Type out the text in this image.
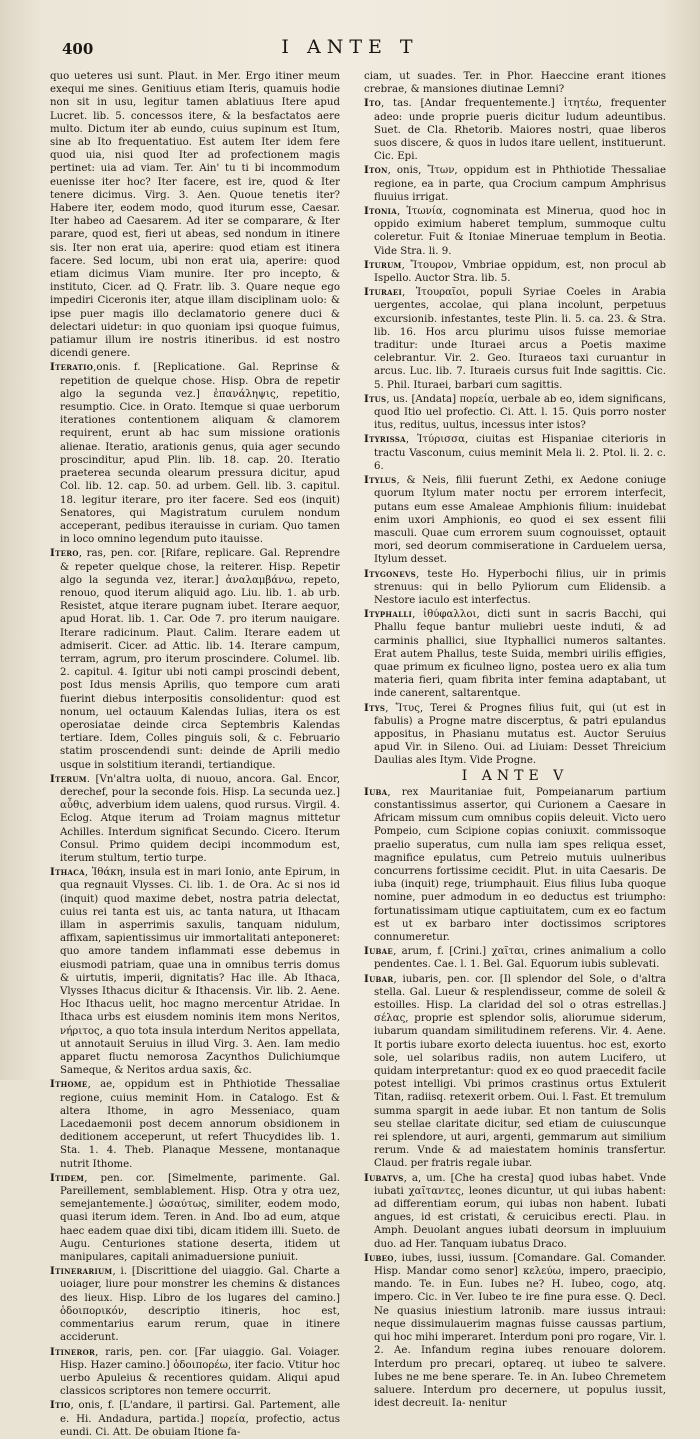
400	I ANTE T

quo ueteres usi sunt. Plaut. in Mer. Ergo itiner meum exequi me sines. Genitiuus etiam Iteris, quamuis hodie non sit in usu, legitur tamen ablatiuus Itere apud Lucret. lib. 5. concessos itere, & la besfactatos aere multo. Dictum iter ab eundo, cuius supinum est Itum, sine ab Ito frequentatiuo. Est autem Iter idem fere quod uia, nisi quod Iter ad profectionem magis pertinet: uia ad viam. Ter. Ain' tu ti bi incommodum euenisse iter hoc? Iter facere, est ire, quod & Iter tenere dicimus. Virg. 3. Aen. Quoue tenetis iter? Habere iter, eodem modo, quod iturum esse, Caesar. Iter habeo ad Caesarem. Ad iter se comparare, & Iter parare, quod est, fieri ut abeas, sed nondum in itinere sis. Iter non erat uia, aperire: quod etiam est itinera facere. Sed locum, ubi non erat uia, aperire: quod etiam dicimus Viam munire. Iter pro incepto, & instituto, Cicer. ad Q. Fratr. lib. 3. Quare neque ego impediri Ciceronis iter, atque illam disciplinam uolo: & ipse puer magis illo declamatorio genere duci & delectari uidetur: in quo quoniam ipsi quoque fuimus, patiamur illum ire nostris itineribus. id est nostro dicendi genere.

Iteratio,onis. f. [Replicatione. Gal. Reprinse & repetition de quelque chose. Hisp. Obra de repetir algo la segunda vez.] ἐπανάληψις, repetitio, resumptio. Cice. in Orato. Itemque si quae uerborum iterationes contentionem aliquam & clamorem requirent, erunt ab hac sum missione orationis alienae. Iteratio, arationis genus, quia ager secundo proscinditur, apud Plin. lib. 18. cap. 20. Iteratio praeterea secunda olearum pressura dicitur, apud Col. lib. 12. cap. 50. ad urbem. Gell. lib. 3. capitul. 18. legitur iterare, pro iter facere. Sed eos (inquit) Senatores, qui Magistratum curulem nondum acceperant, pedibus iterauisse in curiam. Quo tamen in loco omnino legendum puto itauisse.

Itero, ras, pen. cor. [Rifare, replicare. Gal. Reprendre & repeter quelque chose, la reiterer. Hisp. Repetir algo la segunda vez, iterar.] ἀναλαμβάνω, repeto, renouo, quod iterum aliquid ago. Liu. lib. 1. ab urb. Resistet, atque iterare pugnam iubet. Iterare aequor, apud Horat. lib. 1. Car. Ode 7. pro iterum nauigare. Iterare radicinum. Plaut. Calim. Iterare eadem ut admiserit. Cicer. ad Attic. lib. 14. Iterare campum, terram, agrum, pro iterum proscindere. Columel. lib. 2. capitul. 4. Igitur ubi noti campi proscindi debent, post Idus mensis Aprilis, quo tempore cum arati fuerint diebus interpositis consolidentur: quod est nonum, uel octauum Kalendas Iulias, itera os est operosiatae deinde circa Septembris Kalendas tertiare. Idem, Colles pinguis soli, & c. Februario statim proscendendi sunt: deinde de Aprili medio usque in solstitium iterandi, tertiandique.

Iterum. [Vn'altra uolta, di nuouo, ancora. Gal. Encor, derechef, pour la seconde fois. Hisp. La secunda uez.] αὖθις, adverbium idem ualens, quod rursus. Virgil. 4. Eclog. Atque iterum ad Troiam magnus mittetur Achilles. Interdum significat Secundo. Cicero. Iterum Consul. Primo quidem decipi incommodum est, iterum stultum, tertio turpe.

Ithaca, Ἰθάκη, insula est in mari Ionio, ante Epirum, in qua regnauit Vlysses. Ci. lib. 1. de Ora. Ac si nos id (inquit) quod maxime debet, nostra patria delectat, cuius rei tanta est uis, ac tanta natura, ut Ithacam illam in asperrimis saxulis, tanquam nidulum, affixam, sapientissimus uir immortalitati anteponeret: quo amore tandem inflammati esse debemus in eiusmodi patriam, quae una in omnibus terris domus & uirtutis, imperii, dignitatis? Hac ille. Ab Ithaca, Vlysses Ithacus dicitur & Ithacensis. Vir. lib. 2. Aene. Hoc Ithacus uelit, hoc magno mercentur Atridae. In Ithaca urbs est eiusdem nominis item mons Neritos, νήριτος, a quo tota insula interdum Neritos appellata, ut annotauit Seruius in illud Virg. 3. Aen. Iam medio apparet fluctu nemorosa Zacynthos Dulichiumque Sameque, & Neritos ardua saxis, &c.

Ithome, ae, oppidum est in Phthiotide Thessaliae regione, cuius meminit Hom. in Catalogo. Est & altera Ithome, in agro Messeniaco, quam Lacedaemonii post decem annorum obsidionem in deditionem acceperunt, ut refert Thucydides lib. 1. Sta. 1. 4. Theb. Planaque Messene, montanaque nutrit Ithome.

Itidem, pen. cor. [Simelmente, parimente. Gal. Pareillement, semblablement. Hisp. Otra y otra uez, semejantemente.] ὡσαύτως, similiter, eodem modo, quasi iterum idem. Teren. in And. Ibo ad eum, atque haec eadem quae dixi tibi, dicam itidem illi. Sueto. de Augu. Centuriones statione deserta, itidem ut manipulares, capitali animaduersione puniuit.

Itinerarium, i. [Discrittione del uiaggio. Gal. Charte a uoiager, liure pour monstrer les chemins & distances des lieux. Hisp. Libro de los lugares del camino.] ὁδοιπορικόν, descriptio itineris, hoc est, commentarius earum rerum, quae in itinere acciderunt.

Itineror, raris, pen. cor. [Far uiaggio. Gal. Voiager. Hisp. Hazer camino.] ὁδοιπορέω, iter facio. Vtitur hoc uerbo Apuleius & recentiores quidam. Aliqui apud classicos scriptores non temere occurrit.

Itio, onis, f. [L'andare, il partirsi. Gal. Partement, alle e. Hi. Andadura, partida.] πορεία, profectio, actus eundi. Ci. Att. De obuiam Itione fa-

ciam, ut suades. Ter. in Phor. Haeccine erant itiones crebrae, & mansiones diutinae Lemni?

Ito, tas. [Andar frequentemente.] ἰτητέω, frequenter adeo: unde proprie pueris dicitur ludum adeuntibus. Suet. de Cla. Rhetorib. Maiores nostri, quae liberos suos discere, & quos in ludos itare uellent, instituerunt. Cic. Epi.

Iton, onis, Ἴτων, oppidum est in Phthiotide Thessaliae regione, ea in parte, qua Crocium campum Amphrisus fluuius irrigat.

Itonia, Ἰτωνία, cognominata est Minerua, quod hoc in oppido eximium haberet templum, summoque cultu coleretur. Fuit & Itoniae Mineruae templum in Beotia. Vide Stra. li. 9.

Iturum, Ἴτουρον, Vmbriae oppidum, est, non procul ab Ispello. Auctor Stra. lib. 5.

Ituraei, Ἰτουραῖοι, populi Syriae Coeles in Arabia uergentes, accolae, qui plana incolunt, perpetuus excursionib. infestantes, teste Plin. li. 5. ca. 23. & Stra. lib. 16. Hos arcu plurimu uisos fuisse memoriae traditur: unde Ituraei arcus a Poetis maxime celebrantur. Vir. 2. Geo. Ituraeos taxi curuantur in arcus. Luc. lib. 7. Ituraeis cursus fuit Inde sagittis. Cic. 5. Phil. Ituraei, barbari cum sagittis.

Itus, us. [Andata] πορεία, uerbale ab eo, idem significans, quod Itio uel profectio. Ci. Att. l. 15. Quis porro noster itus, reditus, uultus, incessus inter istos?

Ityrissa, Ἰτύρισσα, ciuitas est Hispaniae citerioris in tractu Vasconum, cuius meminit Mela li. 2. Ptol. li. 2. c. 6.

Itylus, & Neis, filii fuerunt Zethi, ex Aedone coniuge quorum Itylum mater noctu per errorem interfecit, putans eum esse Amaleae Amphionis filium: inuidebat enim uxori Amphionis, eo quod ei sex essent filii masculi. Quae cum errorem suum cognouisset, optauit mori, sed deorum commiseratione in Carduelem uersa, Itylum desset.

Itygonevs, teste Ho. Hyperbochi filius, uir in primis strenuus: qui in bello Pyliorum cum Elidensib. a Nestore iaculo est interfectus.

Ityphalli, ἰθύφαλλοι, dicti sunt in sacris Bacchi, qui Phallu feque bantur muliebri ueste induti, & ad carminis phallici, siue Ityphallici numeros saltantes. Erat autem Phallus, teste Suida, membri uirilis effigies, quae primum ex ficulneo ligno, postea uero ex alia tum materia fieri, quam fibrita inter femina adaptabant, ut inde canerent, saltarentque.

Itys, Ἴτυς, Terei & Prognes filius fuit, qui (ut est in fabulis) a Progne matre discerptus, & patri epulandus appositus, in Phasianu mutatus est. Auctor Seruius apud Vir. in Sileno. Oui. ad Liuiam: Desset Threicium Daulias ales Itym. Vide Progne.

I ANTE V

Iuba, rex Mauritaniae fuit, Pompeianarum partium constantissimus assertor, qui Curionem a Caesare in Africam missum cum omnibus copiis deleuit. Victo uero Pompeio, cum Scipione copias coniuxit. commissoque praelio superatus, cum nulla iam spes reliqua esset, magnifice epulatus, cum Petreio mutuis uulneribus concurrens fortissime cecidit. Plut. in uita Caesaris. De iuba (inquit) rege, triumphauit. Eius filius Iuba quoque nomine, puer admodum in eo deductus est triumpho: fortunatissimam utique captiuitatem, cum ex eo factum est ut ex barbaro inter doctissimos scriptores connumeretur.

Iubae, arum, f. [Crini.] χαῖται, crines animalium a collo pendentes. Cae. l. 1. Bel. Gal. Equorum iubis sublevati.

Iubar, iubaris, pen. cor. [Il splendor del Sole, o d'altra stella. Gal. Lueur & resplendisseur, comme de soleil & estoilles. Hisp. La claridad del sol o otras estrellas.] σέλας, proprie est splendor solis, aliorumue siderum, iubarum quandam similitudinem referens. Vir. 4. Aene. It portis iubare exorto delecta iuuentus. hoc est, exorto sole, uel solaribus radiis, non autem Lucifero, ut quidam interpretantur: quod ex eo quod praecedit facile potest intelligi. Vbi primos crastinus ortus Extulerit Titan, radiisq. retexerit orbem. Oui. l. Fast. Et tremulum summa spargit in aede iubar. Et non tantum de Solis seu stellae claritate dicitur, sed etiam de cuiuscunque rei splendore, ut auri, argenti, gemmarum aut similium rerum. Vnde & ad maiestatem hominis transfertur. Claud. per fratris regale iubar.

Iubatvs, a, um. [Che ha cresta] quod iubas habet. Vnde iubati χαῖταντες, leones dicuntur, ut qui iubas habent: ad differentiam eorum, qui iubas non habent. Iubati angues, id est cristati, & ceruicibus erecti. Plau. in Amph. Deuolant angues iubati deorsum in impluuium duo. ad Her. Tanquam iubatus Draco.

Iubeo, iubes, iussi, iussum. [Comandare. Gal. Comander. Hisp. Mandar como senor] κελεύω, impero, praecipio, mando. Te. in Eun. Iubes ne? H. Iubeo, cogo, atq. impero. Cic. in Ver. Iubeo te ire fine pura esse. Q. Decl. Ne quasius iniestium latronib. mare iussus intraui: neque dissimulauerim magnas fuisse caussas partium, qui hoc mihi imperaret. Interdum poni pro rogare, Vir. l. 2. Ae. Infandum regina iubes renouare dolorem. Interdum pro precari, optareq. ut iubeo te salvere. Iubes ne me bene sperare. Te. in An. Iubeo Chremetem saluere. Interdum pro decernere, ut populus iussit, idest decreuit. Ia- nenitur
